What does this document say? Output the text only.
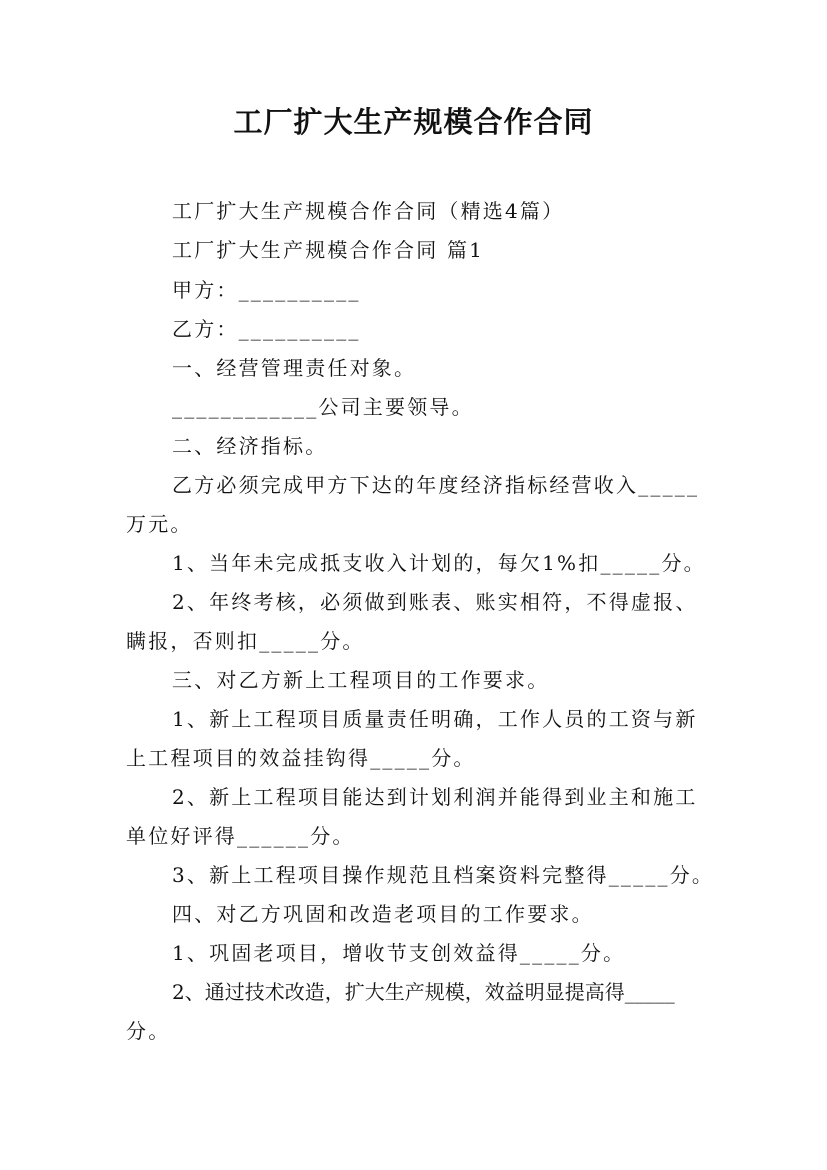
工厂扩大生产规模合作合同
工厂扩大生产规模合作合同（精选4篇）
工厂扩大生产规模合作合同 篇1
甲方：__________
乙方：__________
一、经营管理责任对象。
____________公司主要领导。
二、经济指标。
乙方必须完成甲方下达的年度经济指标经营收入_____
万元。
1、当年未完成抵支收入计划的，每欠1%扣_____分。
2、年终考核，必须做到账表、账实相符，不得虚报、
瞒报，否则扣_____分。
三、对乙方新上工程项目的工作要求。
1、新上工程项目质量责任明确，工作人员的工资与新
上工程项目的效益挂钩得_____分。
2、新上工程项目能达到计划利润并能得到业主和施工
单位好评得______分。
3、新上工程项目操作规范且档案资料完整得_____分。
四、对乙方巩固和改造老项目的工作要求。
1、巩固老项目，增收节支创效益得_____分。
2、通过技术改造，扩大生产规模，效益明显提高得_____
分。
